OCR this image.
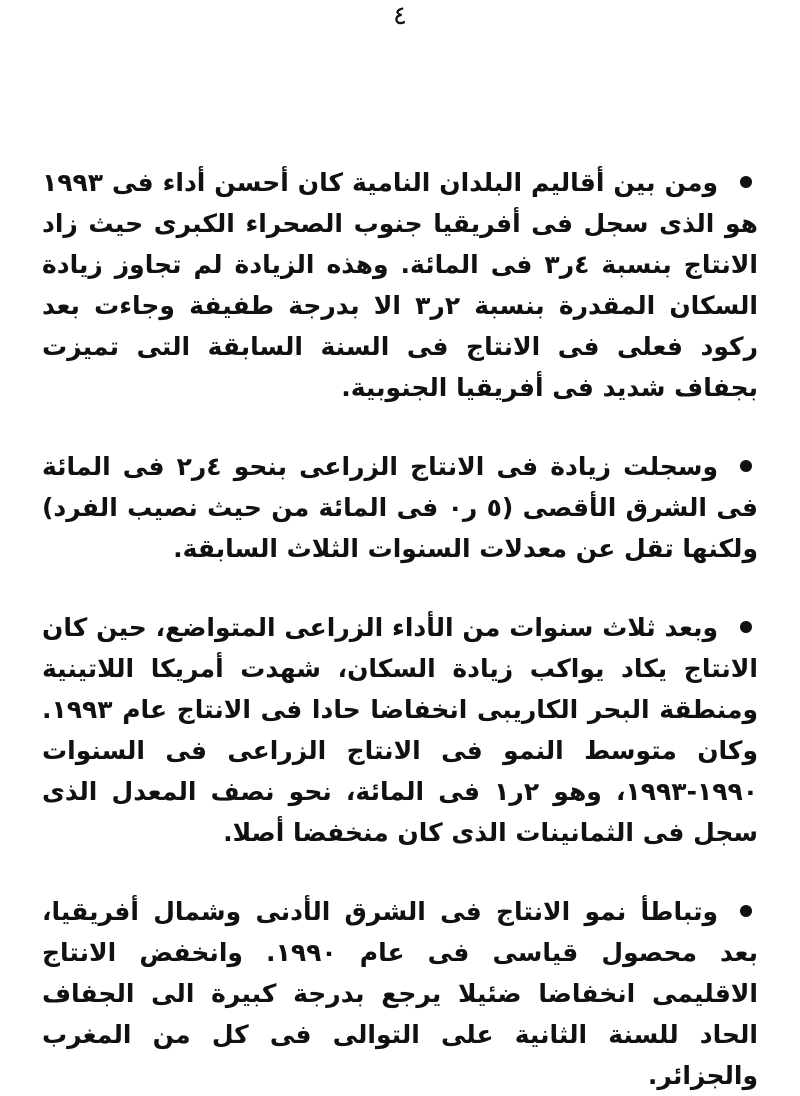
٤

ومن بين أقاليم البلدان النامية كان أحسن أداء فى ١٩٩٣ هو الذى سجل فى أفريقيا جنوب الصحراء الكبرى حيث زاد الانتاج بنسبة ٤ر٣ فى المائة. وهذه الزيادة لم تجاوز زيادة السكان المقدرة بنسبة ٢ر٣ الا بدرجة طفيفة وجاءت بعد ركود فعلى فى الانتاج فى السنة السابقة التى تميزت بجفاف شديد فى أفريقيا الجنوبية.

وسجلت زيادة فى الانتاج الزراعى بنحو ٤ر٢ فى المائة فى الشرق الأقصى (٥ ر٠ فى المائة من حيث نصيب الفرد) ولكنها تقل عن معدلات السنوات الثلاث السابقة.

وبعد ثلاث سنوات من الأداء الزراعى المتواضع، حين كان الانتاج يكاد يواكب زيادة السكان، شهدت أمريكا اللاتينية ومنطقة البحر الكاريبى انخفاضا حادا فى الانتاج عام ١٩٩٣. وكان متوسط النمو فى الانتاج الزراعى فى السنوات ١٩٩٠-١٩٩٣، وهو ٢ر١ فى المائة، نحو نصف المعدل الذى سجل فى الثمانينات الذى كان منخفضا أصلا.

وتباطأ نمو الانتاج فى الشرق الأدنى وشمال أفريقيا، بعد محصول قياسى فى عام ١٩٩٠. وانخفض الانتاج الاقليمى انخفاضا ضئيلا يرجع بدرجة كبيرة الى الجفاف الحاد للسنة الثانية على التوالى فى كل من المغرب والجزائر.
